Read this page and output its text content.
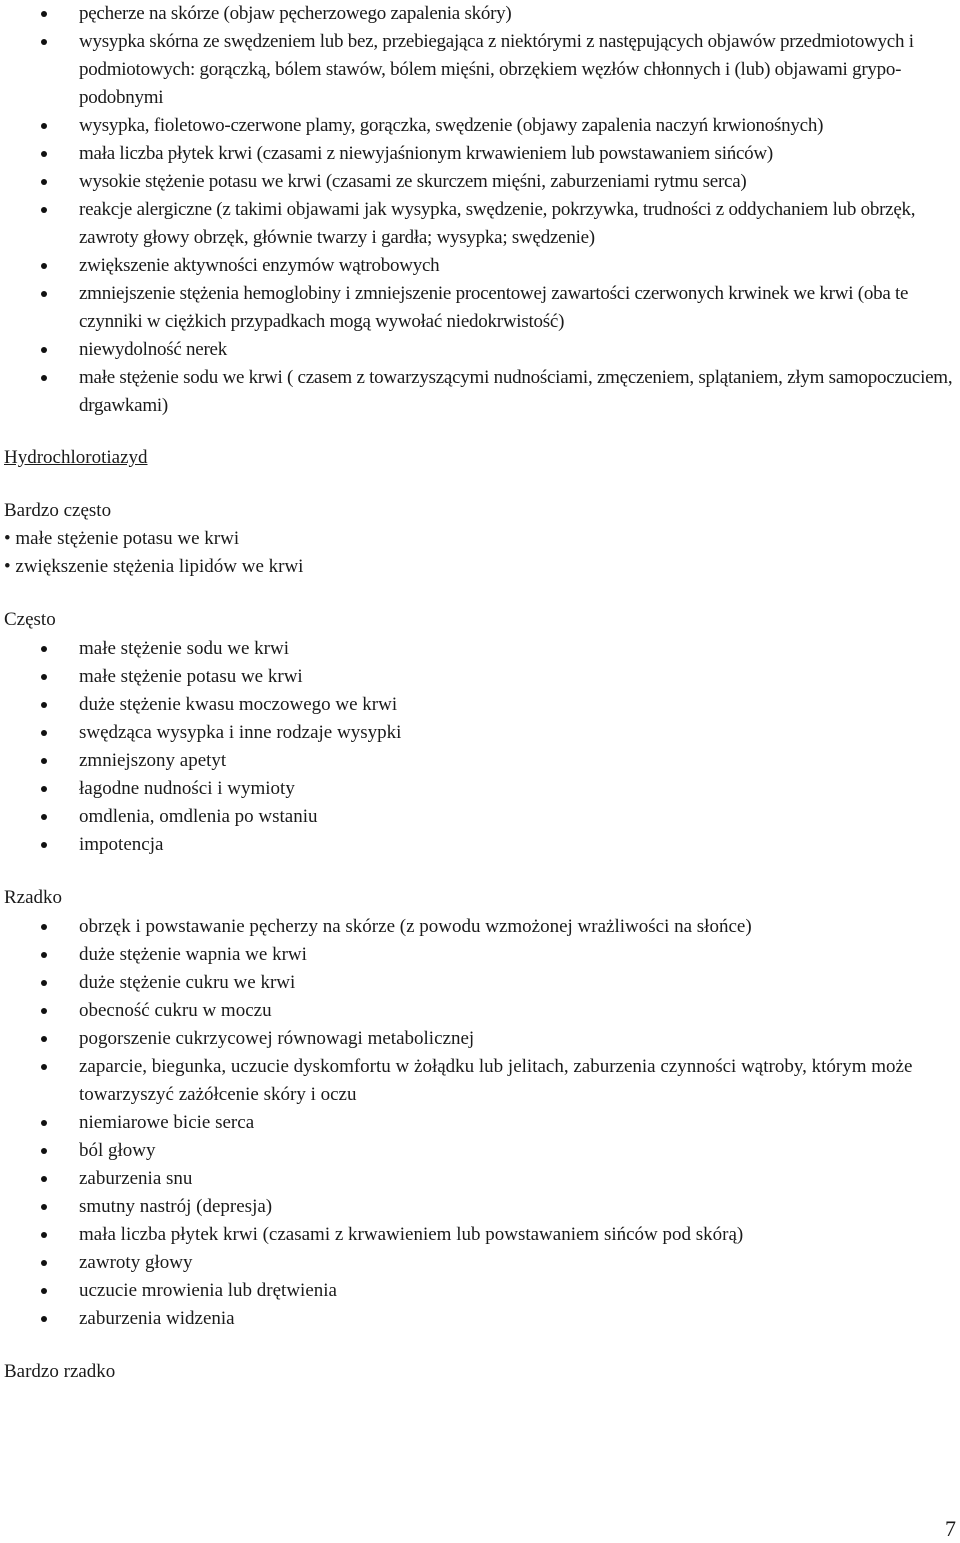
pęcherze na skórze (objaw pęcherzowego zapalenia skóry)
wysypka skórna ze swędzeniem lub bez, przebiegająca z niektórymi z następujących objawów przedmiotowych i podmiotowych: gorączką, bólem stawów, bólem mięśni, obrzękiem węzłów chłonnych i (lub) objawami grypo-podobnymi
wysypka, fioletowo-czerwone plamy, gorączka, swędzenie (objawy zapalenia naczyń krwionośnych)
mała liczba płytek krwi (czasami z niewyjaśnionym krwawieniem lub powstawaniem sińców)
wysokie stężenie potasu we krwi (czasami ze skurczem mięśni, zaburzeniami rytmu serca)
reakcje alergiczne (z takimi objawami jak wysypka, swędzenie, pokrzywka, trudności z oddychaniem lub obrzęk, zawroty głowy obrzęk, głównie twarzy i gardła; wysypka; swędzenie)
zwiększenie aktywności enzymów wątrobowych
zmniejszenie stężenia hemoglobiny i zmniejszenie procentowej zawartości czerwonych krwinek we krwi (oba te czynniki w ciężkich przypadkach mogą wywołać niedokrwistość)
niewydolność nerek
małe stężenie sodu we krwi ( czasem z towarzyszącymi nudnościami, zmęczeniem, splątaniem, złym samopoczuciem, drgawkami)
Hydrochlorotiazyd
Bardzo często
• małe stężenie potasu we krwi
• zwiększenie stężenia lipidów we krwi
Często
małe stężenie sodu we krwi
małe stężenie potasu we krwi
duże stężenie kwasu moczowego we krwi
swędząca wysypka i inne rodzaje wysypki
zmniejszony apetyt
łagodne nudności i wymioty
omdlenia, omdlenia po wstaniu
impotencja
Rzadko
obrzęk i powstawanie pęcherzy na skórze (z powodu wzmożonej wrażliwości na słońce)
duże stężenie wapnia we krwi
duże stężenie cukru we krwi
obecność cukru w moczu
pogorszenie cukrzycowej równowagi metabolicznej
zaparcie, biegunka, uczucie dyskomfortu w żołądku lub jelitach, zaburzenia czynności wątroby, którym może towarzyszyć zażółcenie skóry i oczu
niemiarowe bicie serca
ból głowy
zaburzenia snu
smutny nastrój (depresja)
mała liczba płytek krwi (czasami z krwawieniem lub powstawaniem sińców pod skórą)
zawroty głowy
uczucie mrowienia lub drętwienia
zaburzenia widzenia
Bardzo rzadko
7
